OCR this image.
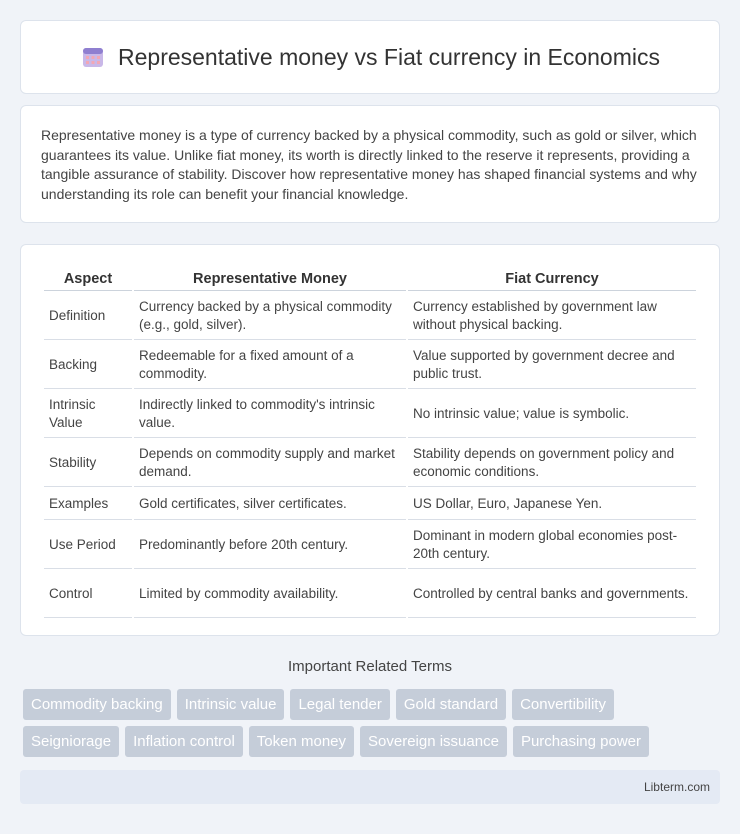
Representative money vs Fiat currency in Economics

Representative money is a type of currency backed by a physical commodity, such as gold or silver, which guarantees its value. Unlike fiat money, its worth is directly linked to the reserve it represents, providing a tangible assurance of stability. Discover how representative money has shaped financial systems and why understanding its role can benefit your financial knowledge.

Aspect	Representative Money	Fiat Currency
Definition	Currency backed by a physical commodity (e.g., gold, silver).	Currency established by government law without physical backing.
Backing	Redeemable for a fixed amount of a commodity.	Value supported by government decree and public trust.
Intrinsic Value	Indirectly linked to commodity's intrinsic value.	No intrinsic value; value is symbolic.
Stability	Depends on commodity supply and market demand.	Stability depends on government policy and economic conditions.
Examples	Gold certificates, silver certificates.	US Dollar, Euro, Japanese Yen.
Use Period	Predominantly before 20th century.	Dominant in modern global economies post-20th century.
Control	Limited by commodity availability.	Controlled by central banks and governments.
Important Related Terms
Commodity backing	Intrinsic value	Legal tender	Gold standard	Convertibility
Seigniorage	Inflation control	Token money	Sovereign issuance	Purchasing power
Libterm.com
